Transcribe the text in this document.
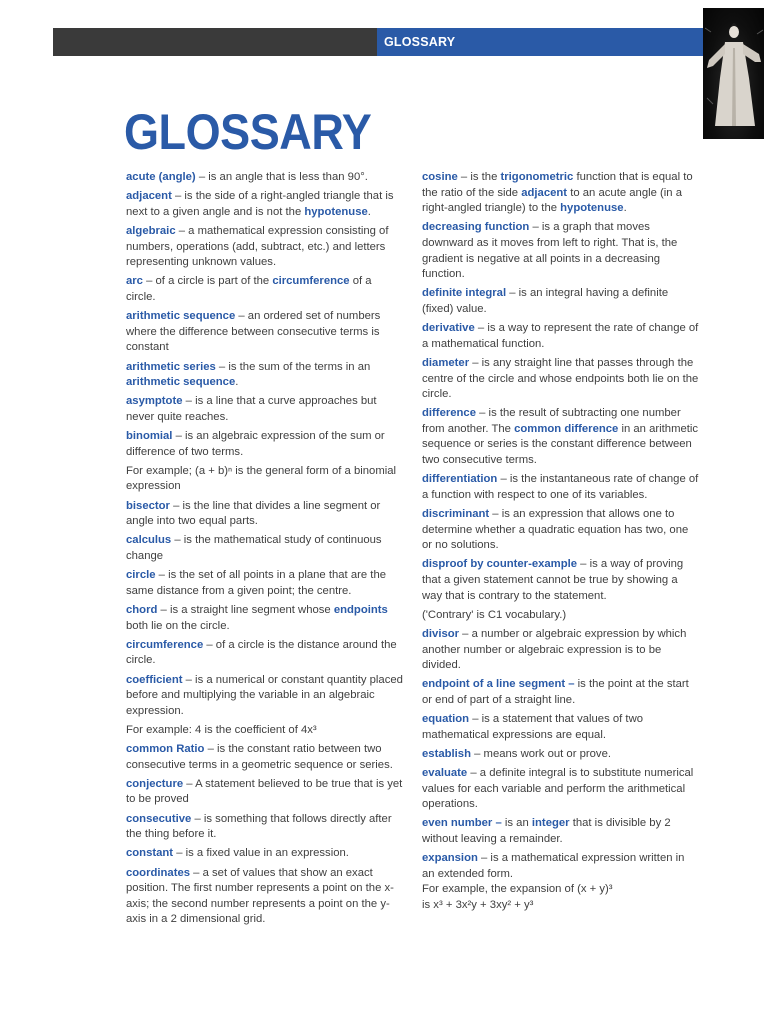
GLOSSARY
GLOSSARY

acute (angle) – is an angle that is less than 90°.

adjacent – is the side of a right-angled triangle that is next to a given angle and is not the hypotenuse.

algebraic – a mathematical expression consisting of numbers, operations (add, subtract, etc.) and letters representing unknown values.

arc – of a circle is part of the circumference of a circle.

arithmetic sequence – an ordered set of numbers where the difference between consecutive terms is constant

arithmetic series – is the sum of the terms in an arithmetic sequence.

asymptote – is a line that a curve approaches but never quite reaches.

binomial – is an algebraic expression of the sum or difference of two terms.

For example; (a + b)ⁿ is the general form of a binomial expression

bisector – is the line that divides a line segment or angle into two equal parts.

calculus – is the mathematical study of continuous change

circle – is the set of all points in a plane that are the same distance from a given point; the centre.

chord – is a straight line segment whose endpoints both lie on the circle.

circumference – of a circle is the distance around the circle.

coefficient – is a numerical or constant quantity placed before and multiplying the variable in an algebraic expression.

For example: 4 is the coefficient of 4x³

common Ratio – is the constant ratio between two consecutive terms in a geometric sequence or series.

conjecture – A statement believed to be true that is yet to be proved

consecutive – is something that follows directly after the thing before it.

constant – is a fixed value in an expression.

coordinates – a set of values that show an exact position. The first number represents a point on the x-axis; the second number represents a point on the y-axis in a 2 dimensional grid.

cosine – is the trigonometric function that is equal to the ratio of the side adjacent to an acute angle (in a right-angled triangle) to the hypotenuse.

decreasing function – is a graph that moves downward as it moves from left to right. That is, the gradient is negative at all points in a decreasing function.

definite integral – is an integral having a definite (fixed) value.

derivative – is a way to represent the rate of change of a mathematical function.

diameter – is any straight line that passes through the centre of the circle and whose endpoints both lie on the circle.

difference – is the result of subtracting one number from another. The common difference in an arithmetic sequence or series is the constant difference between two consecutive terms.

differentiation – is the instantaneous rate of change of a function with respect to one of its variables.

discriminant – is an expression that allows one to determine whether a quadratic equation has two, one or no solutions.

disproof by counter-example – is a way of proving that a given statement cannot be true by showing a way that is contrary to the statement.

('Contrary' is C1 vocabulary.)

divisor – a number or algebraic expression by which another number or algebraic expression is to be divided.

endpoint of a line segment – is the point at the start or end of part of a straight line.

equation – is a statement that values of two mathematical expressions are equal.

establish – means work out or prove.

evaluate – a definite integral is to substitute numerical values for each variable and perform the arithmetical operations.

even number – is an integer that is divisible by 2 without leaving a remainder.

expansion – is a mathematical expression written in an extended form.

For example, the expansion of (x + y)³

is x³ + 3x²y + 3xy² + y³
